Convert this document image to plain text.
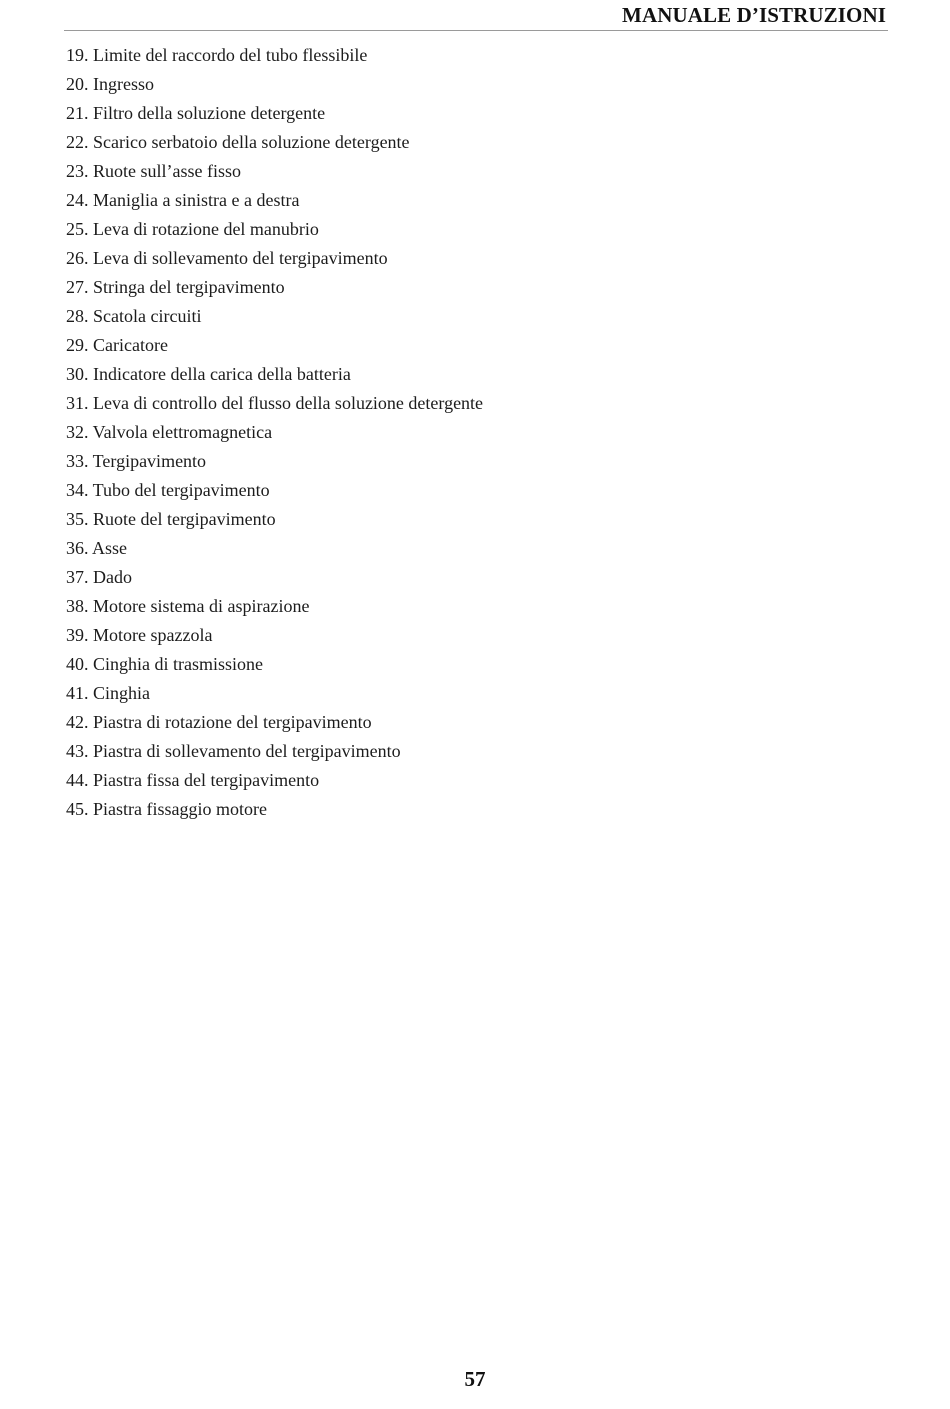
MANUALE D’ISTRUZIONI
19. Limite del raccordo del tubo flessibile
20. Ingresso
21. Filtro della soluzione detergente
22. Scarico serbatoio della soluzione detergente
23. Ruote sull’asse fisso
24. Maniglia a sinistra e a destra
25. Leva di rotazione del manubrio
26. Leva di sollevamento del tergipavimento
27. Stringa del tergipavimento
28. Scatola circuiti
29. Caricatore
30. Indicatore della carica della batteria
31. Leva di controllo del flusso della soluzione detergente
32. Valvola elettromagnetica
33. Tergipavimento
34. Tubo del tergipavimento
35. Ruote del tergipavimento
36. Asse
37. Dado
38. Motore sistema di aspirazione
39. Motore spazzola
40. Cinghia di trasmissione
41. Cinghia
42. Piastra di rotazione del tergipavimento
43. Piastra di sollevamento del tergipavimento
44. Piastra fissa del tergipavimento
45. Piastra fissaggio motore
57
